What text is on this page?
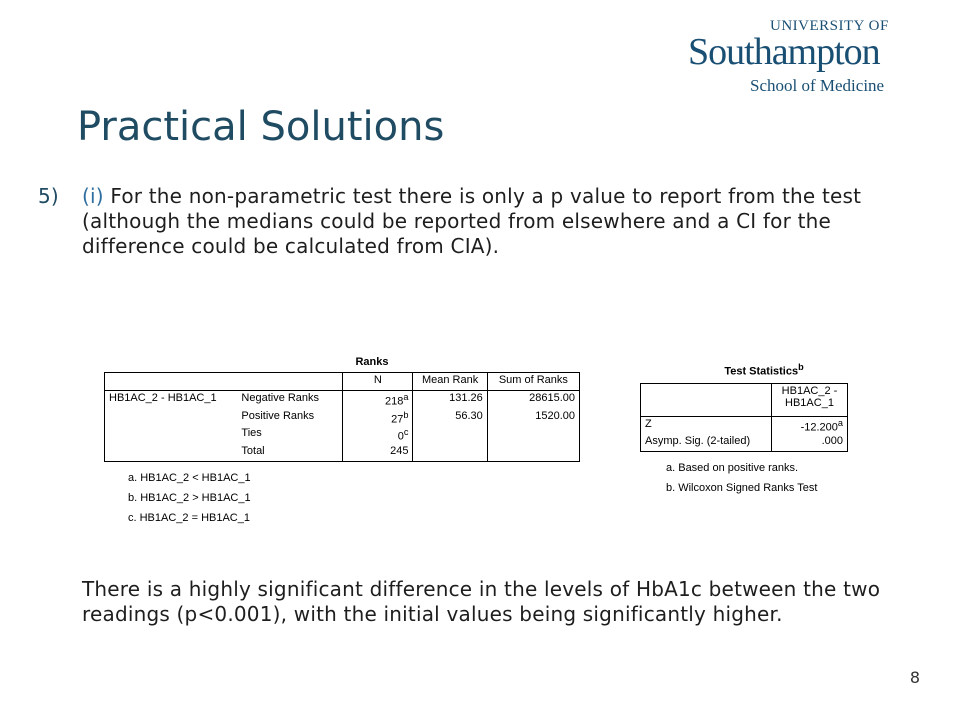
UNIVERSITY OF
Southampton
School of Medicine
Practical Solutions
5) (i) For the non-parametric test there is only a p value to report from the test (although the medians could be reported from elsewhere and a CI for the difference could be calculated from CIA).
Ranks
		N	Mean Rank	Sum of Ranks
HB1AC_2 - HB1AC_1	Negative Ranks	218$^a$	131.26	28615.00
	Positive Ranks	27$^b$	56.30	1520.00
	Ties	0$^c$		
	Total	245		
a. HB1AC_2 < HB1AC_1
b. HB1AC_2 > HB1AC_1
c. HB1AC_2 = HB1AC_1
Test Statistics$^b$
	HB1AC_2 -
HB1AC_1
Z	-12.200$^a$
Asymp. Sig. (2-tailed)	.000
a. Based on positive ranks.
b. Wilcoxon Signed Ranks Test
There is a highly significant difference in the levels of HbA1c between the two readings (p<0.001), with the initial values being significantly higher.
8
